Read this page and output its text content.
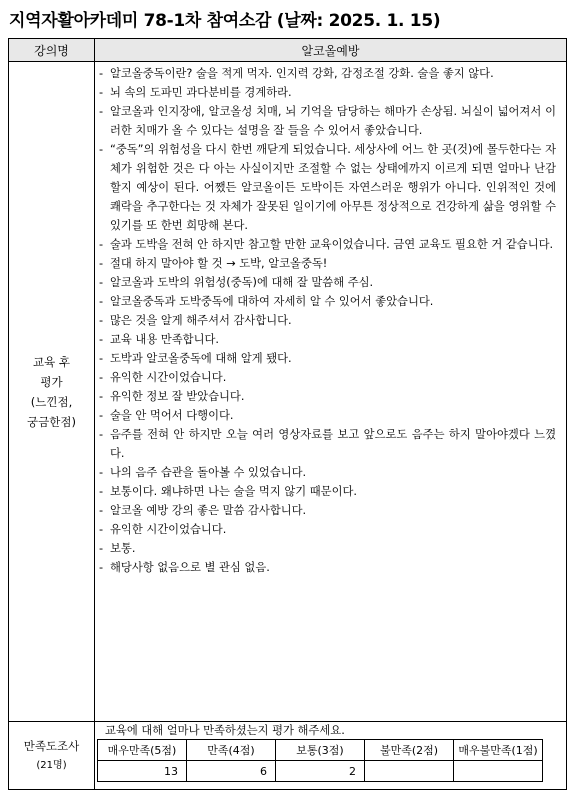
지역자활아카데미 78-1차 참여소감 (날짜: 2025. 1. 15)
강의명	알코올예방

교육 후
평가
(느낀점,
궁금한점)

- 알코올중독이란? 술을 적게 먹자. 인지력 강화, 감정조절 강화. 술을 좋지 않다.
- 뇌 속의 도파민 과다분비를 경계하라.
- 알코올과 인지장애, 알코올성 치매, 뇌 기억을 담당하는 해마가 손상됨. 뇌실이 넓어져서 이러한 치매가 올 수 있다는 설명을 잘 들을 수 있어서 좋았습니다.
- “중독”의 위험성을 다시 한번 깨닫게 되었습니다. 세상사에 어느 한 곳(것)에 몰두한다는 자체가 위험한 것은 다 아는 사실이지만 조절할 수 없는 상태에까지 이르게 되면 얼마나 난감할지 예상이 된다. 어쨌든 알코올이든 도박이든 자연스러운 행위가 아니다. 인위적인 것에 쾌락을 추구한다는 것 자체가 잘못된 일이기에 아무튼 정상적으로 건강하게 삶을 영위할 수 있기를 또 한번 희망해 본다.
- 술과 도박을 전혀 안 하지만 참고할 만한 교육이었습니다. 금연 교육도 필요한 거 같습니다.
- 절대 하지 말아야 할 것 → 도박, 알코올중독!
- 알코올과 도박의 위험성(중독)에 대해 잘 말씀해 주심.
- 알코올중독과 도박중독에 대하여 자세히 알 수 있어서 좋았습니다.
- 많은 것을 알게 해주셔서 감사합니다.
- 교육 내용 만족합니다.
- 도박과 알코올중독에 대해 알게 됐다.
- 유익한 시간이었습니다.
- 유익한 정보 잘 받았습니다.
- 술을 안 먹어서 다행이다.
- 음주를 전혀 안 하지만 오늘 여러 영상자료를 보고 앞으로도 음주는 하지 말아야겠다 느꼈다.
- 나의 음주 습관을 돌아볼 수 있었습니다.
- 보통이다. 왜냐하면 나는 술을 먹지 않기 때문이다.
- 알코올 예방 강의 좋은 말씀 감사합니다.
- 유익한 시간이었습니다.
- 보통.
- 해당사항 없음으로 별 관심 없음.

만족도조사
(21명)

교육에 대해 얼마나 만족하셨는지 평가 해주세요.
매우만족(5점)	만족(4점)	보통(3점)	불만족(2점)	매우불만족(1점)
13	6	2		
